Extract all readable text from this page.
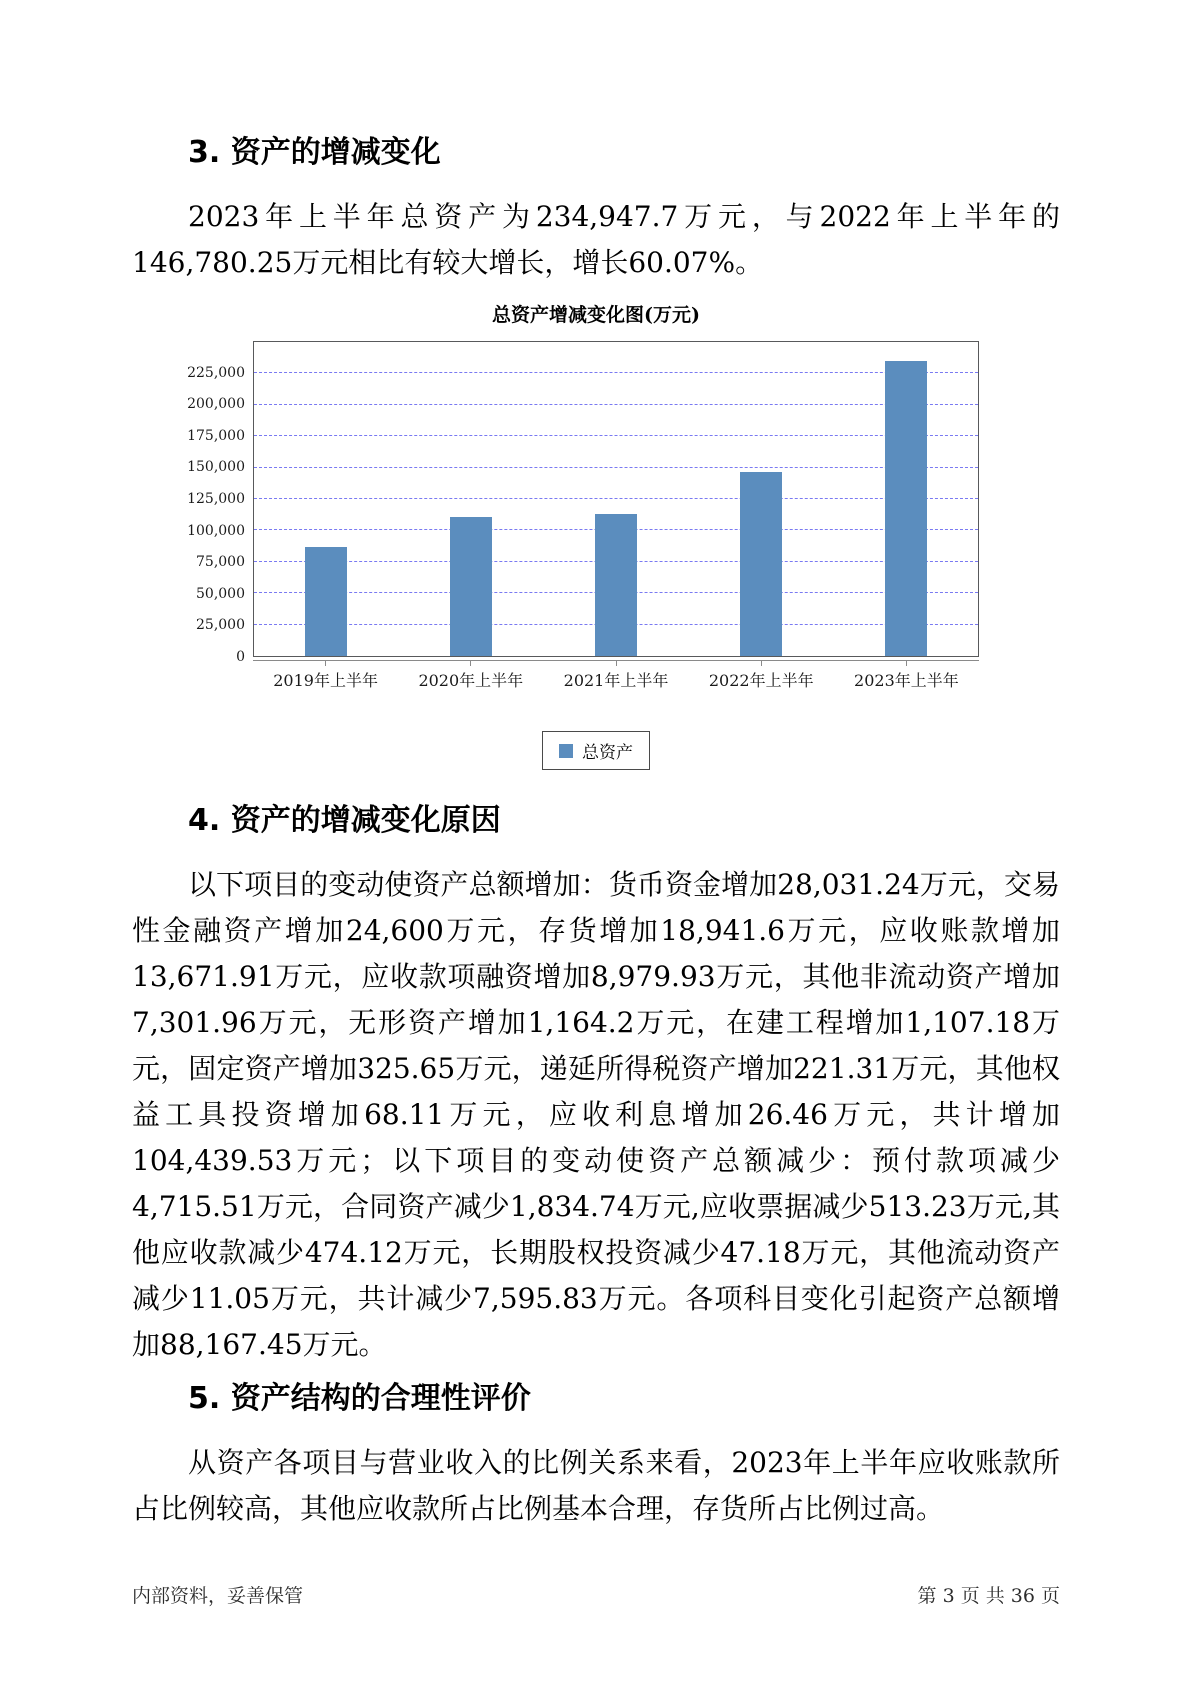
3. 资产的增减变化

2023年上半年总资产为234,947.7万元，与2022年上半年的146,780.25万元相比有较大增长，增长60.07%。

总资产增减变化图(万元)
0
25,000
50,000
75,000
100,000
125,000
150,000
175,000
200,000
225,000
2019年上半年	2020年上半年	2021年上半年	2022年上半年	2023年上半年
总资产
4. 资产的增减变化原因

以下项目的变动使资产总额增加：货币资金增加28,031.24万元，交易性金融资产增加24,600万元，存货增加18,941.6万元，应收账款增加13,671.91万元，应收款项融资增加8,979.93万元，其他非流动资产增加7,301.96万元，无形资产增加1,164.2万元，在建工程增加1,107.18万元，固定资产增加325.65万元，递延所得税资产增加221.31万元，其他权益工具投资增加68.11万元，应收利息增加26.46万元，共计增加104,439.53万元；以下项目的变动使资产总额减少：预付款项减少4,715.51万元，合同资产减少1,834.74万元,应收票据减少513.23万元,其他应收款减少474.12万元，长期股权投资减少47.18万元，其他流动资产减少11.05万元，共计减少7,595.83万元。各项科目变化引起资产总额增加88,167.45万元。

5. 资产结构的合理性评价

从资产各项目与营业收入的比例关系来看，2023年上半年应收账款所占比例较高，其他应收款所占比例基本合理，存货所占比例过高。

内部资料，妥善保管	第 3 页 共 36 页
